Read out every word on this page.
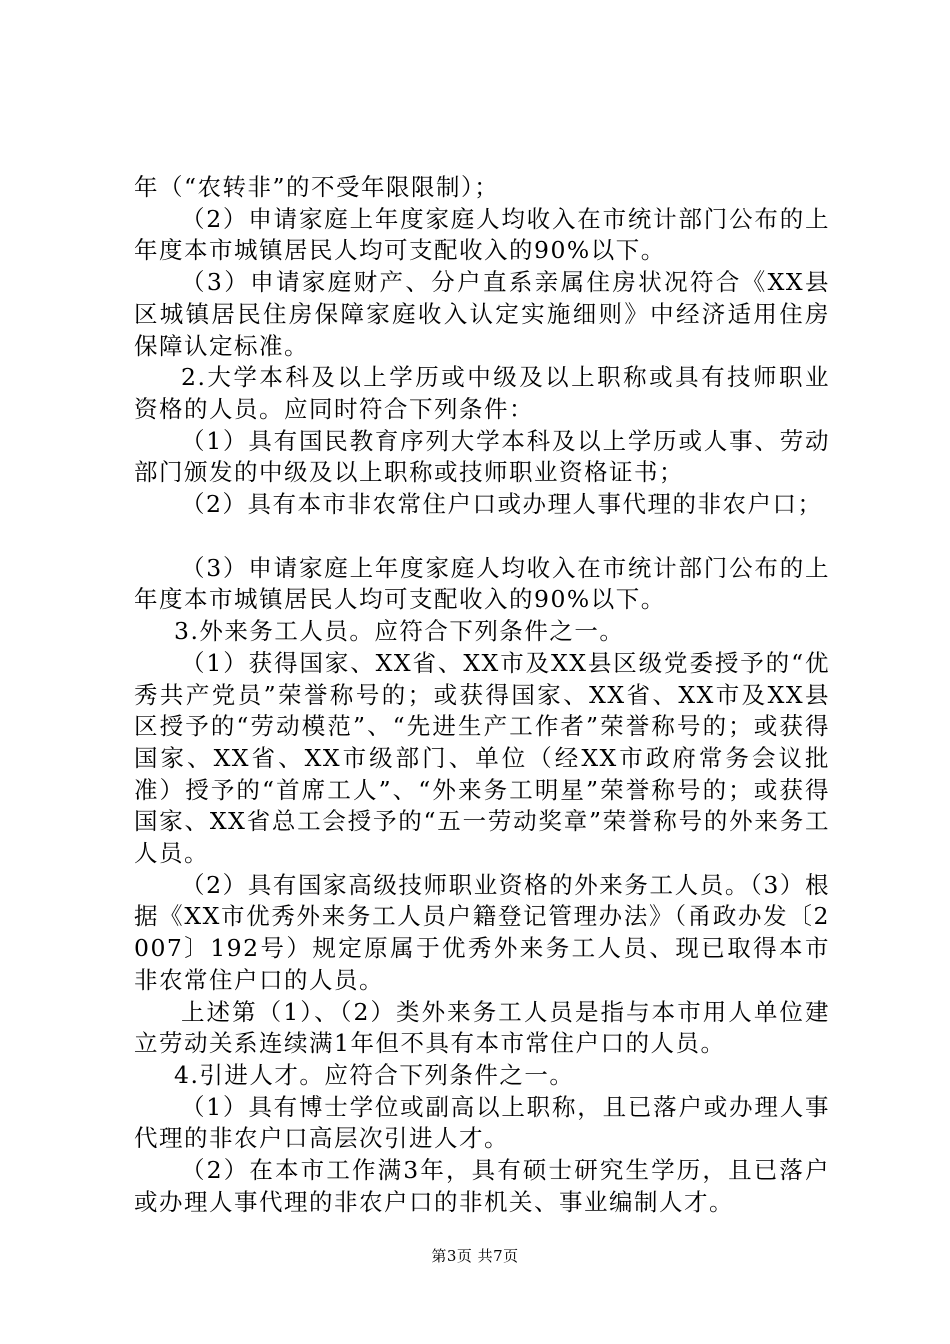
年（“农转非”的不受年限限制）；

（2）申请家庭上年度家庭人均收入在市统计部门公布的上年度本市城镇居民人均可支配收入的90%以下。

（3）申请家庭财产、分户直系亲属住房状况符合《XX县区城镇居民住房保障家庭收入认定实施细则》中经济适用住房保障认定标准。

2.大学本科及以上学历或中级及以上职称或具有技师职业资格的人员。应同时符合下列条件：

（1）具有国民教育序列大学本科及以上学历或人事、劳动部门颁发的中级及以上职称或技师职业资格证书；

（2）具有本市非农常住户口或办理人事代理的非农户口；

（3）申请家庭上年度家庭人均收入在市统计部门公布的上年度本市城镇居民人均可支配收入的90%以下。

3.外来务工人员。应符合下列条件之一。

（1）获得国家、XX省、XX市及XX县区级党委授予的“优秀共产党员”荣誉称号的；或获得国家、XX省、XX市及XX县区授予的“劳动模范”、“先进生产工作者”荣誉称号的；或获得国家、XX省、XX市级部门、单位（经XX市政府常务会议批准）授予的“首席工人”、“外来务工明星”荣誉称号的；或获得国家、XX省总工会授予的“五一劳动奖章”荣誉称号的外来务工人员。

（2）具有国家高级技师职业资格的外来务工人员。（3）根据《XX市优秀外来务工人员户籍登记管理办法》（甬政办发〔2007〕192号）规定原属于优秀外来务工人员、现已取得本市非农常住户口的人员。

上述第（1）、（2）类外来务工人员是指与本市用人单位建立劳动关系连续满1年但不具有本市常住户口的人员。

4.引进人才。应符合下列条件之一。

（1）具有博士学位或副高以上职称，且已落户或办理人事代理的非农户口高层次引进人才。

（2）在本市工作满3年，具有硕士研究生学历，且已落户或办理人事代理的非农户口的非机关、事业编制人才。

第3页 共7页
